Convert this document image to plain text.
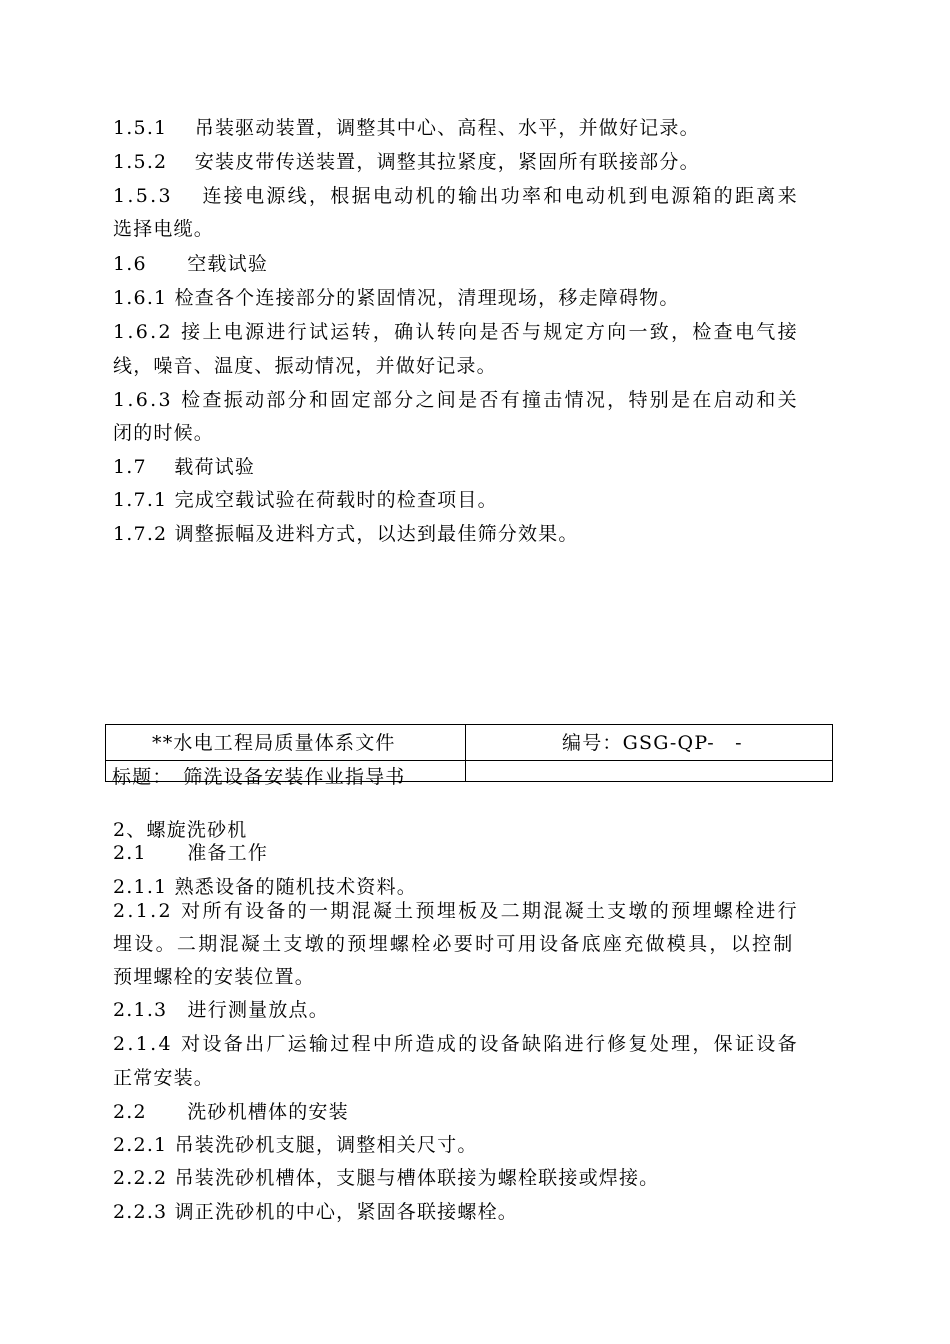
1.5.1　 吊装驱动装置，调整其中心、高程、水平，并做好记录。
1.5.2　 安装皮带传送装置，调整其拉紧度，紧固所有联接部分。
1.5.3　 连接电源线，根据电动机的输出功率和电动机到电源箱的距离来
选择电缆。
1.6　　空载试验
1.6.1 检查各个连接部分的紧固情况，清理现场，移走障碍物。
1.6.2 接上电源进行试运转，确认转向是否与规定方向一致，检查电气接
线，噪音、温度、振动情况，并做好记录。
1.6.3 检查振动部分和固定部分之间是否有撞击情况，特别是在启动和关
闭的时候。
1.7　 载荷试验
1.7.1 完成空载试验在荷载时的检查项目。
1.7.2 调整振幅及进料方式，以达到最佳筛分效果。
**水电工程局质量体系文件	编号：GSG-QP-　-
标题：　筛洗设备安装作业指导书
2、螺旋洗砂机
2.1　　准备工作
2.1.1 熟悉设备的随机技术资料。
2.1.2 对所有设备的一期混凝土预埋板及二期混凝土支墩的预埋螺栓进行
埋设。二期混凝土支墩的预埋螺栓必要时可用设备底座充做模具，以控制
预埋螺栓的安装位置。
2.1.3　进行测量放点。
2.1.4 对设备出厂运输过程中所造成的设备缺陷进行修复处理，保证设备
正常安装。
2.2　　洗砂机槽体的安装
2.2.1 吊装洗砂机支腿，调整相关尺寸。
2.2.2 吊装洗砂机槽体，支腿与槽体联接为螺栓联接或焊接。
2.2.3 调正洗砂机的中心，紧固各联接螺栓。
